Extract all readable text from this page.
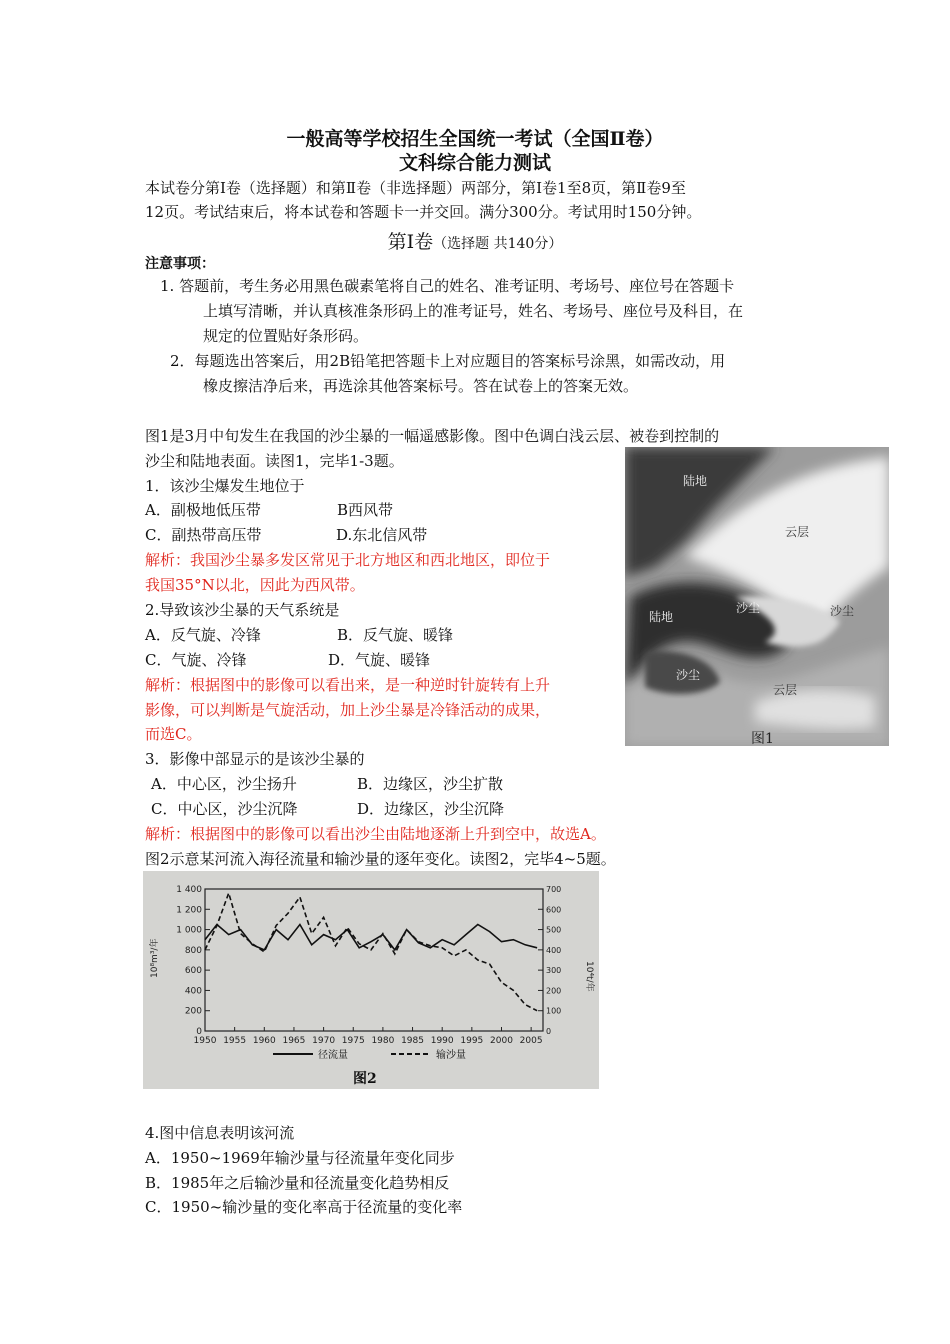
一般高等学校招生全国统一考试（全国Ⅱ卷）
文科综合能力测试
本试卷分第Ⅰ卷（选择题）和第Ⅱ卷（非选择题）两部分，第Ⅰ卷1至8页，第Ⅱ卷9至
12页。考试结束后，将本试卷和答题卡一并交回。满分300分。考试用时150分钟。
第Ⅰ卷（选择题 共140分）
注意事项：
1. 答题前，考生务必用黑色碳素笔将自己的姓名、准考证明、考场号、座位号在答题卡
上填写清晰，并认真核准条形码上的准考证号，姓名、考场号、座位号及科目，在
规定的位置贴好条形码。
2．每题选出答案后，用2B铅笔把答题卡上对应题目的答案标号涂黑，如需改动，用
橡皮擦洁净后来，再选涂其他答案标号。答在试卷上的答案无效。
图1是3月中旬发生在我国的沙尘暴的一幅遥感影像。图中色调白浅云层、被卷到控制的
沙尘和陆地表面。读图1，完毕1-3题。
1．该沙尘爆发生地位于
A．副极地低压带	B西风带
C．副热带高压带	D.东北信风带
解析：我国沙尘暴多发区常见于北方地区和西北地区，即位于
我国35°N以北，因此为西风带。
2.导致该沙尘暴的天气系统是
A．反气旋、冷锋	B．反气旋、暖锋
C．气旋、冷锋	D．气旋、暖锋
解析：根据图中的影像可以看出来，是一种逆时针旋转有上升
影像，可以判断是气旋活动，加上沙尘暴是冷锋活动的成果，
而选C。
3．影像中部显示的是该沙尘暴的
A．中心区，沙尘扬升	B．边缘区，沙尘扩散
C．中心区，沙尘沉降	D．边缘区，沙尘沉降
解析：根据图中的影像可以看出沙尘由陆地逐渐上升到空中，故选A。
图2示意某河流入海径流量和输沙量的逐年变化。读图2，完毕4~5题。
陆地
云层
沙尘	沙尘
陆地
沙尘
云层
图1
0
200
400
600
800
1 000
1 200
1 400
0
100
200
300
400
500
600
700
1950 1955 1960 1965 1970 1975 1980 1985 1990 1995 2000 2005
10⁸m³/年	10⁴t/年
径流量	输沙量
图2
4.图中信息表明该河流
A．1950~1969年输沙量与径流量年变化同步
B．1985年之后输沙量和径流量变化趋势相反
C．1950~输沙量的变化率高于径流量的变化率
